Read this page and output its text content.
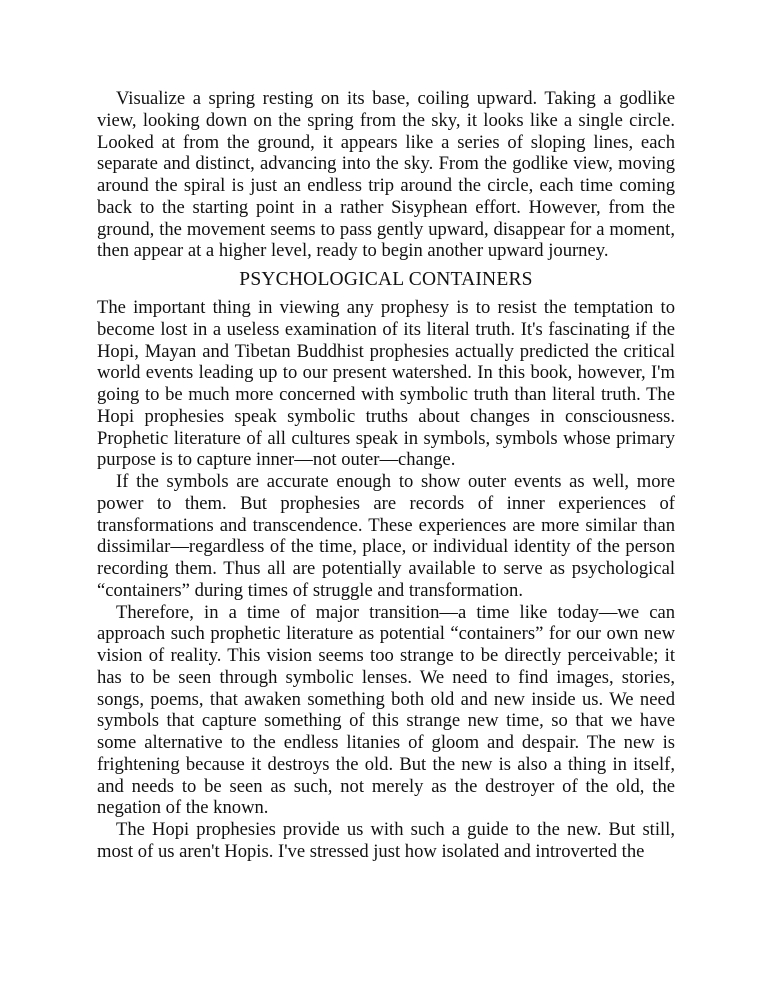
Visualize a spring resting on its base, coiling upward. Taking a godlike view, looking down on the spring from the sky, it looks like a single circle. Looked at from the ground, it appears like a series of sloping lines, each separate and distinct, advancing into the sky. From the godlike view, moving around the spiral is just an endless trip around the circle, each time coming back to the starting point in a rather Sisyphean effort. However, from the ground, the movement seems to pass gently upward, disappear for a moment, then appear at a higher level, ready to begin another upward journey.

PSYCHOLOGICAL CONTAINERS

The important thing in viewing any prophesy is to resist the temptation to become lost in a useless examination of its literal truth. It's fascinating if the Hopi, Mayan and Tibetan Buddhist prophesies actually predicted the critical world events leading up to our present watershed. In this book, however, I'm going to be much more concerned with symbolic truth than literal truth. The Hopi prophesies speak symbolic truths about changes in consciousness. Prophetic literature of all cultures speak in symbols, symbols whose primary purpose is to capture inner—not outer—change.

If the symbols are accurate enough to show outer events as well, more power to them. But prophesies are records of inner experiences of transformations and transcendence. These experiences are more similar than dissimilar—regardless of the time, place, or individual identity of the person recording them. Thus all are potentially available to serve as psychological “containers” during times of struggle and transformation.

Therefore, in a time of major transition—a time like today—we can approach such prophetic literature as potential “containers” for our own new vision of reality. This vision seems too strange to be directly perceivable; it has to be seen through symbolic lenses. We need to find images, stories, songs, poems, that awaken something both old and new inside us. We need symbols that capture something of this strange new time, so that we have some alternative to the endless litanies of gloom and despair. The new is frightening because it destroys the old. But the new is also a thing in itself, and needs to be seen as such, not merely as the destroyer of the old, the negation of the known.

The Hopi prophesies provide us with such a guide to the new. But still, most of us aren't Hopis. I've stressed just how isolated and introverted the
